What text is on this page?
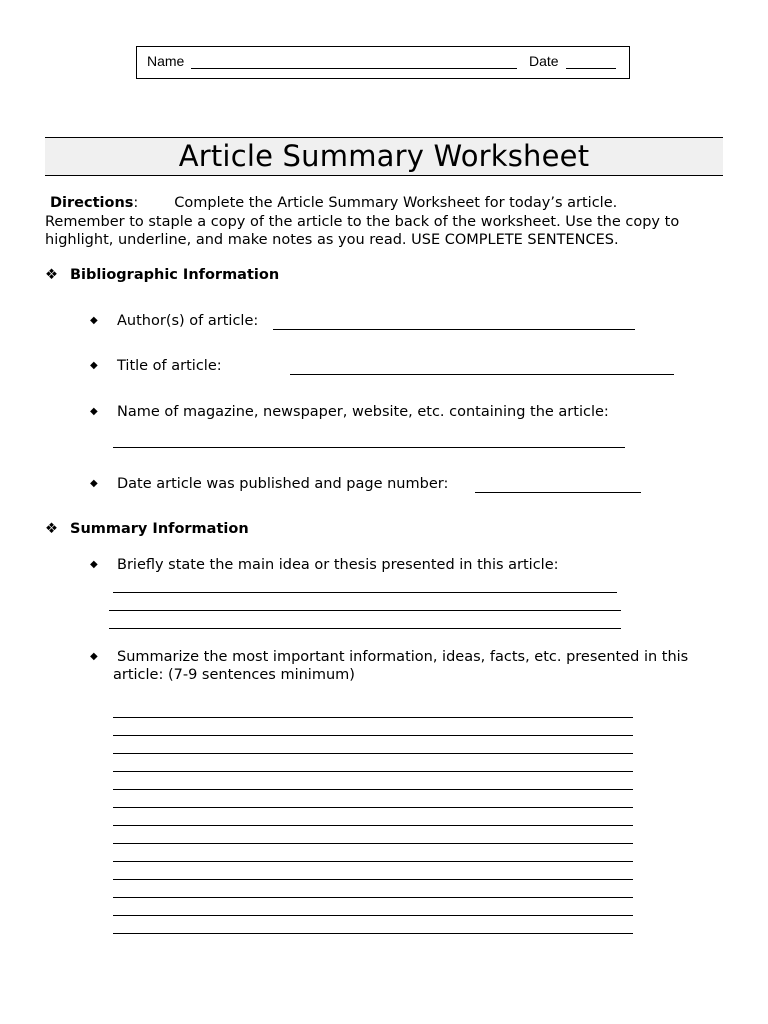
Name	Date
Article Summary Worksheet
Directions: Complete the Article Summary Worksheet for today’s article.
Remember to staple a copy of the article to the back of the worksheet. Use the copy to
highlight, underline, and make notes as you read. USE COMPLETE SENTENCES.
❖ Bibliographic Information
◆ Author(s) of article:
◆ Title of article:
◆ Name of magazine, newspaper, website, etc. containing the article:
◆ Date article was published and page number:
❖ Summary Information
◆ Briefly state the main idea or thesis presented in this article:
◆ Summarize the most important information, ideas, facts, etc. presented in this
article: (7-9 sentences minimum)
